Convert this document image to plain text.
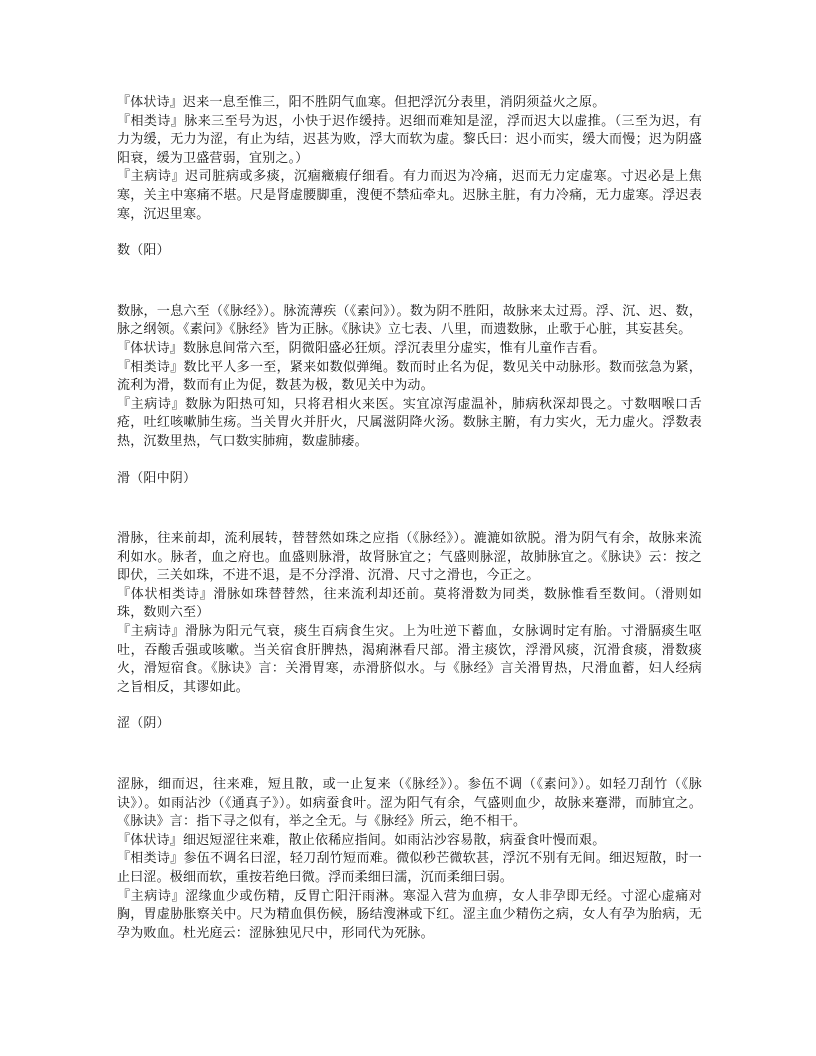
『体状诗』迟来一息至惟三，阳不胜阴气血寒。但把浮沉分表里，消阴须益火之原。

『相类诗』脉来三至号为迟，小快于迟作缓持。迟细而难知是涩，浮而迟大以虚推。（三至为迟，有力为缓，无力为涩，有止为结，迟甚为败，浮大而软为虚。黎氏曰：迟小而实，缓大而慢；迟为阴盛阳衰，缓为卫盛营弱，宜别之。）

『主病诗』迟司脏病或多痰，沉痼癥瘕仔细看。有力而迟为冷痛，迟而无力定虚寒。寸迟必是上焦寒，关主中寒痛不堪。尺是肾虚腰脚重，溲便不禁疝牵丸。迟脉主脏，有力冷痛，无力虚寒。浮迟表寒，沉迟里寒。

数（阳）

数脉，一息六至（《脉经》）。脉流薄疾（《素问》）。数为阴不胜阳，故脉来太过焉。浮、沉、迟、数，脉之纲领。《素问》《脉经》皆为正脉。《脉诀》立七表、八里，而遗数脉，止歌于心脏，其妄甚矣。

『体状诗』数脉息间常六至，阴微阳盛必狂烦。浮沉表里分虚实，惟有儿童作吉看。

『相类诗』数比平人多一至，紧来如数似弹绳。数而时止名为促，数见关中动脉形。数而弦急为紧，流利为滑，数而有止为促，数甚为极，数见关中为动。

『主病诗』数脉为阳热可知，只将君相火来医。实宜凉泻虚温补，肺病秋深却畏之。寸数咽喉口舌疮，吐红咳嗽肺生疡。当关胃火并肝火，尺属滋阴降火汤。数脉主腑，有力实火，无力虚火。浮数表热，沉数里热，气口数实肺痈，数虚肺痿。

滑（阳中阴）

滑脉，往来前却，流利展转，替替然如珠之应指（《脉经》）。漉漉如欲脱。滑为阴气有余，故脉来流利如水。脉者，血之府也。血盛则脉滑，故肾脉宜之；气盛则脉涩，故肺脉宜之。《脉诀》云：按之即伏，三关如珠，不进不退，是不分浮滑、沉滑、尺寸之滑也，今正之。

『体状相类诗』滑脉如珠替替然，往来流利却还前。莫将滑数为同类，数脉惟看至数间。（滑则如珠，数则六至）

『主病诗』滑脉为阳元气衰，痰生百病食生灾。上为吐逆下蓄血，女脉调时定有胎。寸滑膈痰生呕吐，吞酸舌强或咳嗽。当关宿食肝脾热，渴痢淋看尺部。滑主痰饮，浮滑风痰，沉滑食痰，滑数痰火，滑短宿食。《脉诀》言：关滑胃寒，赤滑脐似水。与《脉经》言关滑胃热，尺滑血蓄，妇人经病之旨相反，其谬如此。

涩（阴）

涩脉，细而迟，往来难，短且散，或一止复来（《脉经》）。参伍不调（《素问》）。如轻刀刮竹（《脉诀》）。如雨沾沙（《通真子》）。如病蚕食叶。涩为阳气有余，气盛则血少，故脉来蹇滞，而肺宜之。《脉诀》言：指下寻之似有，举之全无。与《脉经》所云，绝不相干。

『体状诗』细迟短涩往来难，散止依稀应指间。如雨沾沙容易散，病蚕食叶慢而艰。

『相类诗』参伍不调名曰涩，轻刀刮竹短而难。微似秒芒微软甚，浮沉不别有无间。细迟短散，时一止曰涩。极细而软，重按若绝曰微。浮而柔细曰濡，沉而柔细曰弱。

『主病诗』涩缘血少或伤精，反胃亡阳汗雨淋。寒湿入营为血痹，女人非孕即无经。寸涩心虚痛对胸，胃虚胁胀察关中。尺为精血俱伤候，肠结溲淋或下红。涩主血少精伤之病，女人有孕为胎病，无孕为败血。杜光庭云：涩脉独见尺中，形同代为死脉。
